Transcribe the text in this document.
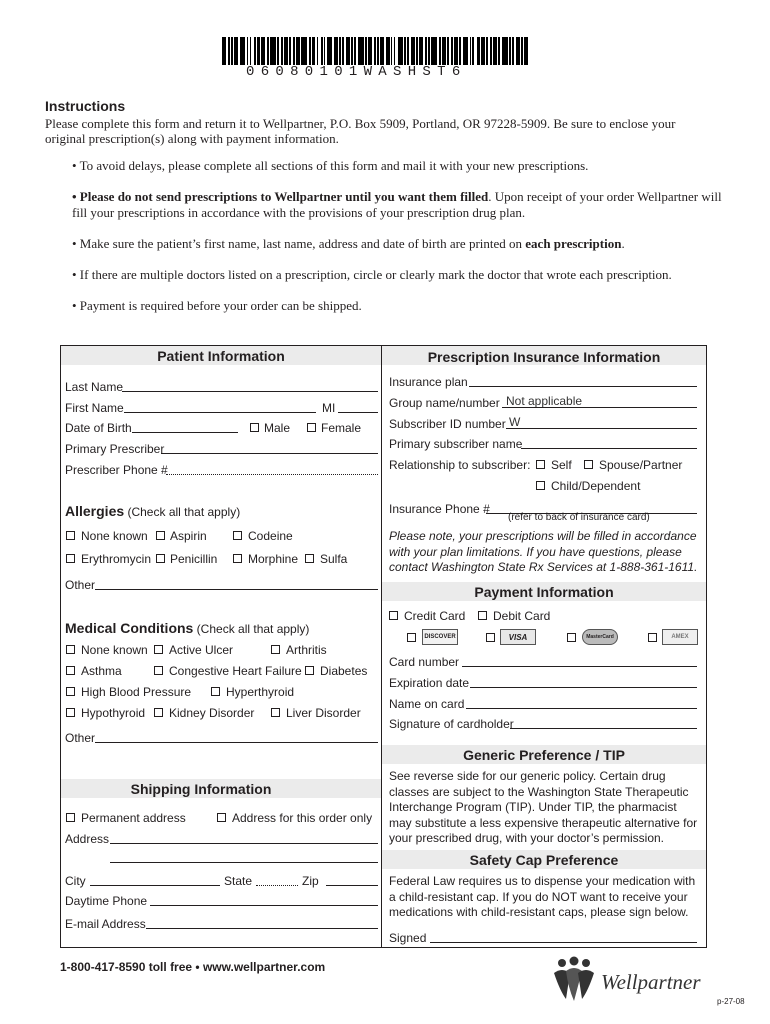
06080101WASHST6
Instructions
Please complete this form and return it to Wellpartner, P.O. Box 5909, Portland, OR 97228-5909. Be sure to enclose your original prescription(s) along with payment information.
• To avoid delays, please complete all sections of this form and mail it with your new prescriptions.
• Please do not send prescriptions to Wellpartner until you want them filled. Upon receipt of your order Wellpartner will fill your prescriptions in accordance with the provisions of your prescription drug plan.
• Make sure the patient’s first name, last name, address and date of birth are printed on each prescription.
• If there are multiple doctors listed on a prescription, circle or clearly mark the doctor that wrote each prescription.
• Payment is required before your order can be shipped.
Patient Information
Last Name
First Name	MI
Date of Birth	Male	Female
Primary Prescriber
Prescriber Phone #
Allergies (Check all that apply)
None known Aspirin	Codeine
Erythromycin Penicillin	Morphine Sulfa
Other
Medical Conditions (Check all that apply)
None known Active Ulcer	Arthritis
Asthma	Congestive Heart Failure Diabetes
High Blood Pressure	Hyperthyroid
Hypothyroid Kidney Disorder	Liver Disorder
Other
Shipping Information
Permanent address	Address for this order only
Address
City	State	Zip
Daytime Phone
E-mail Address
Prescription Insurance Information
Insurance plan
Group name/number Not applicable
Subscriber ID number W
Primary subscriber name
Relationship to subscriber: Self Spouse/Partner
Child/Dependent
Insurance Phone #
(refer to back of insurance card)
Please note, your prescriptions will be filled in accordance with your plan limitations. If you have questions, please contact Washington State Rx Services at 1-888-361-1611.
Payment Information
Credit Card Debit Card
DISCOVER	VISA	MasterCard	AMEX
Card number
Expiration date
Name on card
Signature of cardholder
Generic Preference / TIP
See reverse side for our generic policy. Certain drug classes are subject to the Washington State Therapeutic Interchange Program (TIP). Under TIP, the pharmacist may substitute a less expensive therapeutic alternative for your prescribed drug, with your doctor’s permission.
Safety Cap Preference
Federal Law requires us to dispense your medication with a child-resistant cap. If you do NOT want to receive your medications with child-resistant caps, please sign below.
Signed
1-800-417-8590 toll free • www.wellpartner.com
Wellpartner
p-27-08
